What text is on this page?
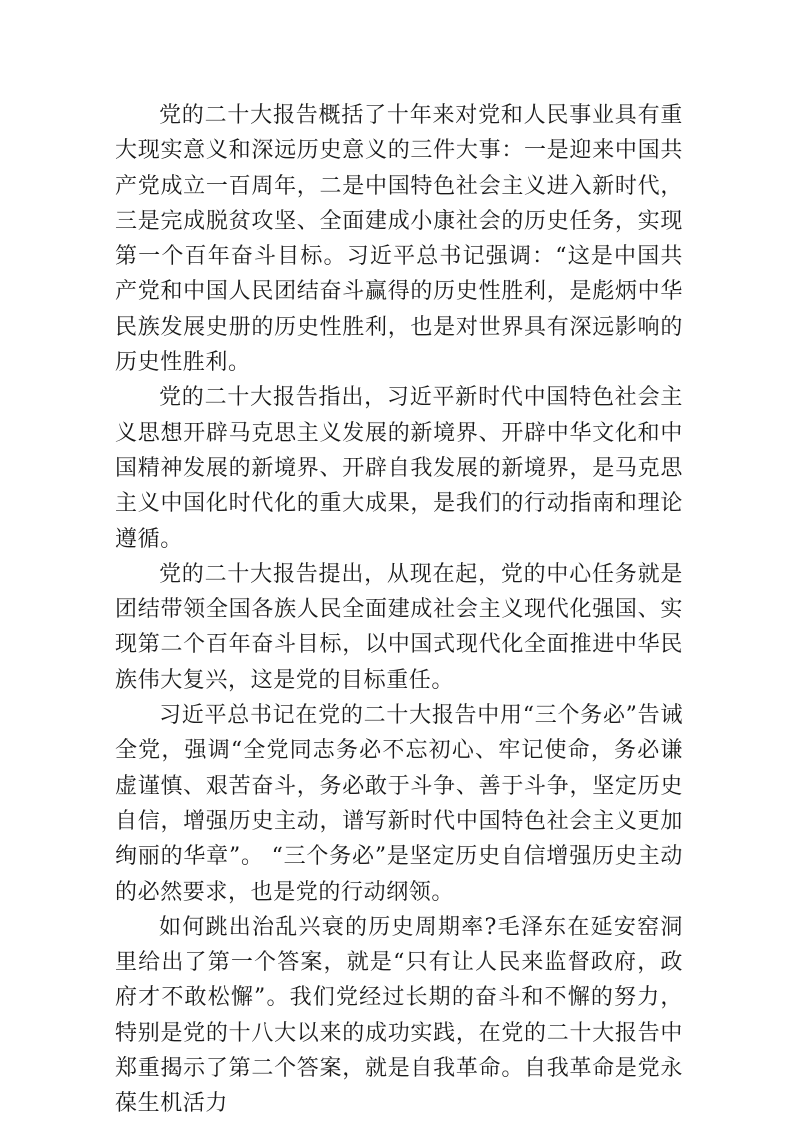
党的二十大报告概括了十年来对党和人民事业具有重大现实意义和深远历史意义的三件大事：一是迎来中国共产党成立一百周年，二是中国特色社会主义进入新时代，三是完成脱贫攻坚、全面建成小康社会的历史任务，实现第一个百年奋斗目标。习近平总书记强调：“这是中国共产党和中国人民团结奋斗赢得的历史性胜利，是彪炳中华民族发展史册的历史性胜利，也是对世界具有深远影响的历史性胜利。

党的二十大报告指出，习近平新时代中国特色社会主义思想开辟马克思主义发展的新境界、开辟中华文化和中国精神发展的新境界、开辟自我发展的新境界，是马克思主义中国化时代化的重大成果，是我们的行动指南和理论遵循。

党的二十大报告提出，从现在起，党的中心任务就是团结带领全国各族人民全面建成社会主义现代化强国、实现第二个百年奋斗目标，以中国式现代化全面推进中华民族伟大复兴，这是党的目标重任。

习近平总书记在党的二十大报告中用“三个务必”告诫全党，强调“全党同志务必不忘初心、牢记使命，务必谦虚谨慎、艰苦奋斗，务必敢于斗争、善于斗争，坚定历史自信，增强历史主动，谱写新时代中国特色社会主义更加绚丽的华章”。 “三个务必”是坚定历史自信增强历史主动的必然要求，也是党的行动纲领。

如何跳出治乱兴衰的历史周期率?毛泽东在延安窑洞里给出了第一个答案，就是“只有让人民来监督政府，政府才不敢松懈”。我们党经过长期的奋斗和不懈的努力，特别是党的十八大以来的成功实践，在党的二十大报告中郑重揭示了第二个答案，就是自我革命。自我革命是党永葆生机活力
